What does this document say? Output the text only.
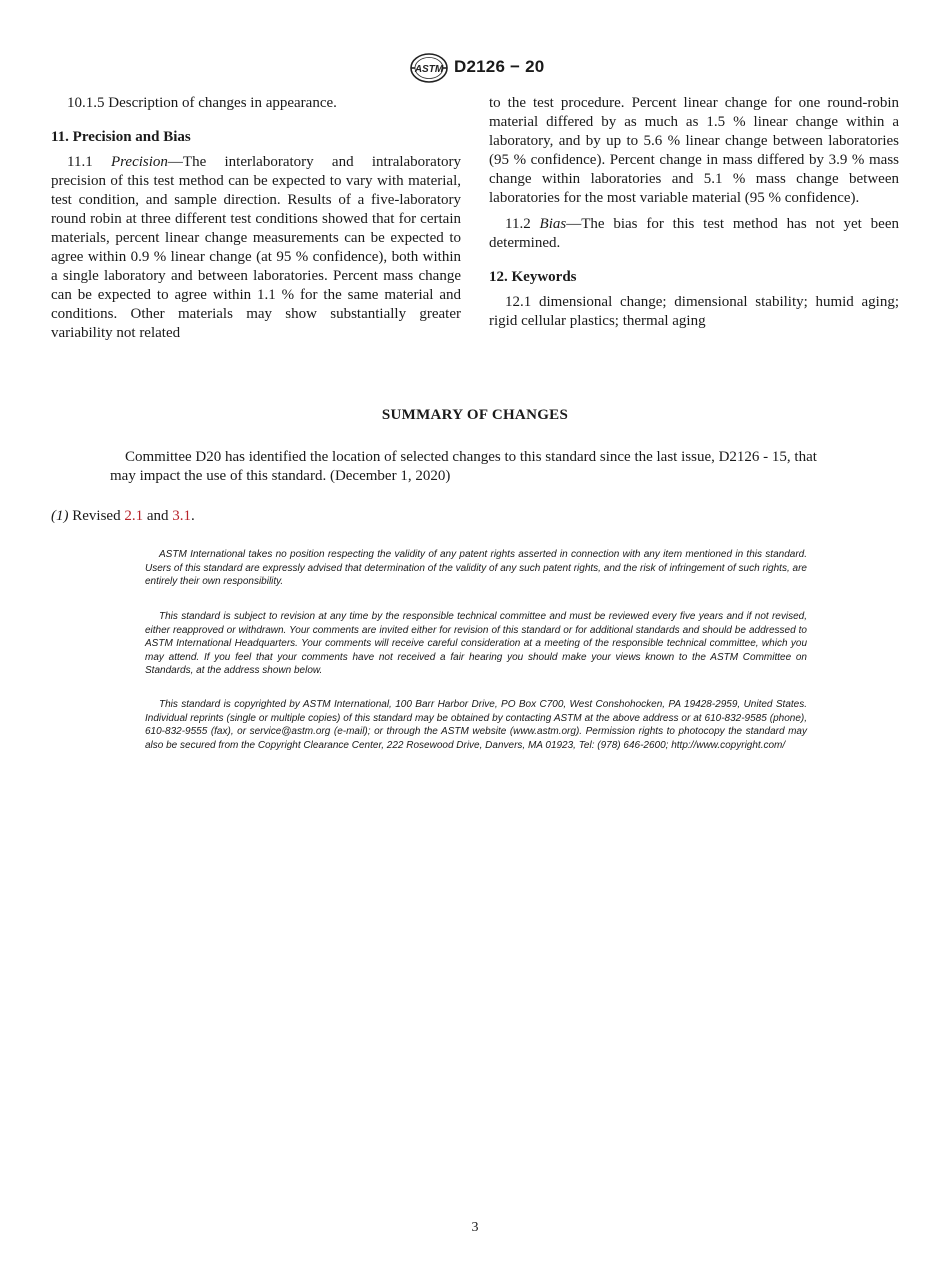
ASTM D2126 − 20

10.1.5 Description of changes in appearance.

11. Precision and Bias

11.1 Precision—The interlaboratory and intralaboratory precision of this test method can be expected to vary with material, test condition, and sample direction. Results of a five-laboratory round robin at three different test conditions showed that for certain materials, percent linear change measurements can be expected to agree within 0.9 % linear change (at 95 % confidence), both within a single laboratory and between laboratories. Percent mass change can be expected to agree within 1.1 % for the same material and conditions. Other materials may show substantially greater variability not related

to the test procedure. Percent linear change for one round-robin material differed by as much as 1.5 % linear change within a laboratory, and by up to 5.6 % linear change between laboratories (95 % confidence). Percent change in mass differed by 3.9 % mass change within laboratories and 5.1 % mass change between laboratories for the most variable material (95 % confidence).

11.2 Bias—The bias for this test method has not yet been determined.

12. Keywords

12.1 dimensional change; dimensional stability; humid aging; rigid cellular plastics; thermal aging

SUMMARY OF CHANGES
Committee D20 has identified the location of selected changes to this standard since the last issue, D2126 - 15, that may impact the use of this standard. (December 1, 2020)
(1) Revised 2.1 and 3.1.

ASTM International takes no position respecting the validity of any patent rights asserted in connection with any item mentioned in this standard. Users of this standard are expressly advised that determination of the validity of any such patent rights, and the risk of infringement of such rights, are entirely their own responsibility.

This standard is subject to revision at any time by the responsible technical committee and must be reviewed every five years and if not revised, either reapproved or withdrawn. Your comments are invited either for revision of this standard or for additional standards and should be addressed to ASTM International Headquarters. Your comments will receive careful consideration at a meeting of the responsible technical committee, which you may attend. If you feel that your comments have not received a fair hearing you should make your views known to the ASTM Committee on Standards, at the address shown below.

This standard is copyrighted by ASTM International, 100 Barr Harbor Drive, PO Box C700, West Conshohocken, PA 19428-2959, United States. Individual reprints (single or multiple copies) of this standard may be obtained by contacting ASTM at the above address or at 610-832-9585 (phone), 610-832-9555 (fax), or service@astm.org (e-mail); or through the ASTM website (www.astm.org). Permission rights to photocopy the standard may also be secured from the Copyright Clearance Center, 222 Rosewood Drive, Danvers, MA 01923, Tel: (978) 646-2600; http://www.copyright.com/

3
